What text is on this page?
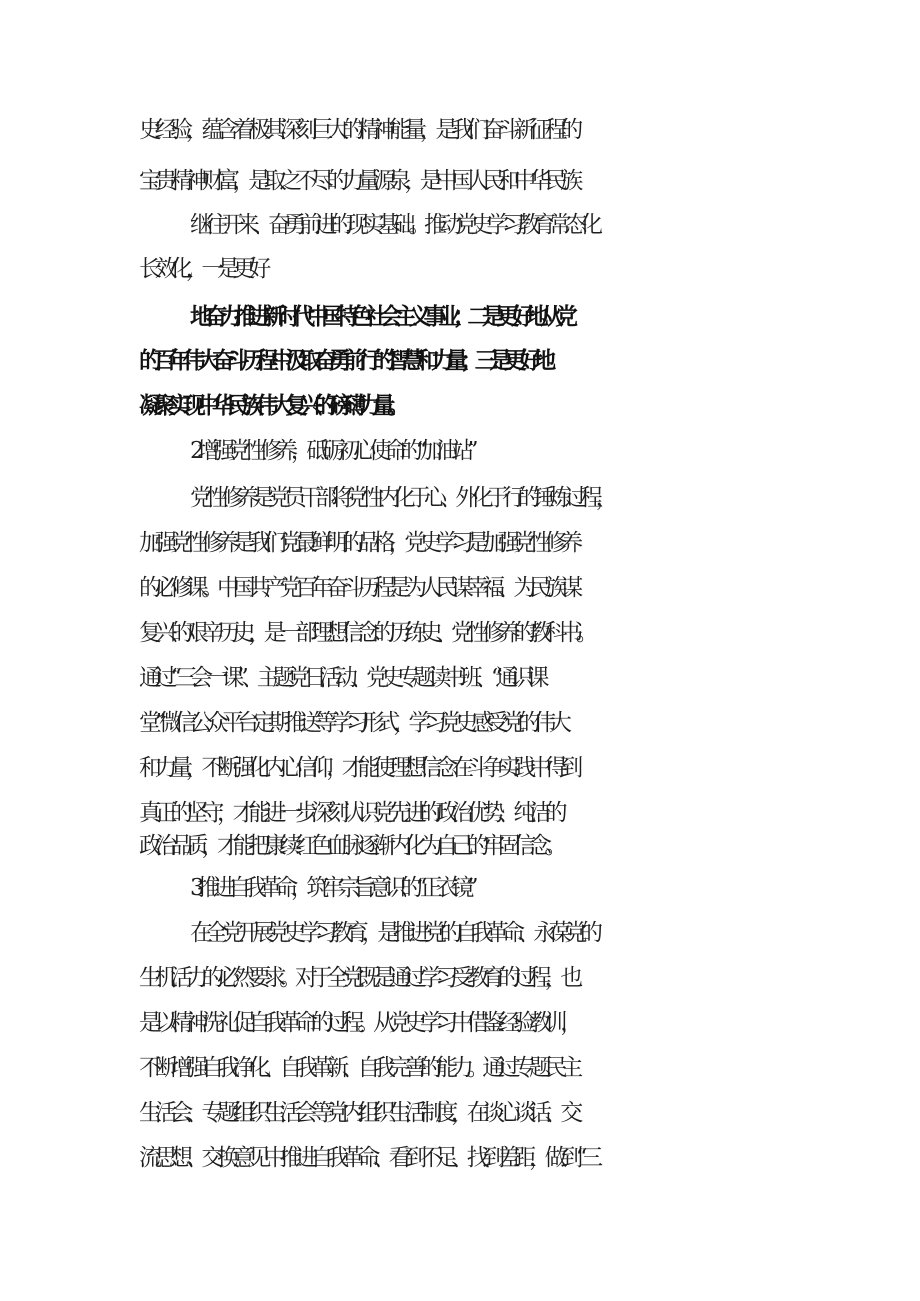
史经验，蕴含着极其深刻巨大的精神能量，是我们奋斗新征程的

宝贵精神财富，是取之不尽的力量源泉，是中国人民和中华民族

继往开来、奋勇前进的现实基础。推动党史学习教育常态化

长效化，一是更好

地奋力推进新时代中国特色社会主义事业；二是更好地从党

的百年伟大奋斗历程中汲取奋勇前行的智慧和力量；三是更好地

凝聚实现中华民族伟大复兴的磅礴力量。

2增强党性修养，砥砺初心使命的“加油站”

党性修养是党员干部将党性内化于心、外化于行的锤炼过程，

加强党性修养是我们党最鲜明的品格，党史学习是加强党性修养

的必修课。中国共产党百年奋斗历程是为人民谋幸福、为民族谋

复兴的艰辛历史，是一部理想信念的历练史、党性修养的教科书。

通过“三会一课”、主题党日活动、党史专题读书班、“通识课

堂”微信公众平台定期推送等学习形式，学习党史感受党的伟大

和力量，不断强化内心信仰，才能使理想信念在斗争实践中得到

真正的坚守，才能进一步深刻认识党先进的政治优势、纯洁的

政治品质，才能把康续红色血脉逐渐内化为自己的牢固信念。

3推进自我革命，筑牢宗旨意识的“正衣镜”

在全党开展党史学习教育，是推进党的自我革命、永葆党的

生机活力的必然要求。对于全党既是通过学习受教育的过程，也

是以精神洗礼促自我革命的过程。从党史学习中借鉴经验教训，

不断增强自我净化、自我革新、自我完善的能力。通过专题民主

生活会、专题组织生活会等党内组织生活制度，在谈心谈话、交

流思想、交换意见中推进自我革命、看到不足、找到差距，做到“三
